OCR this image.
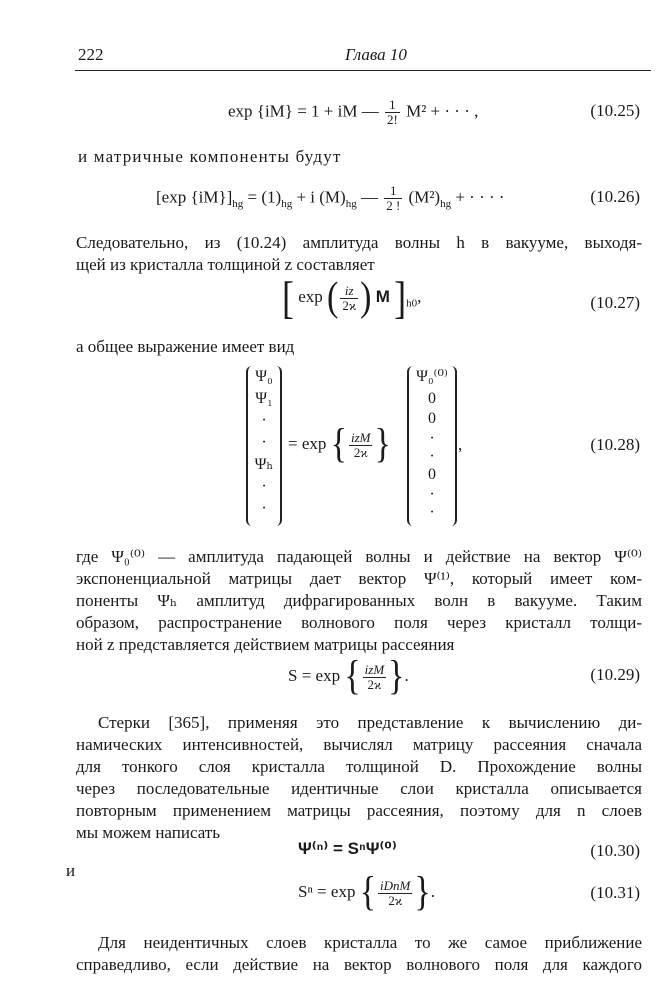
222	Глава 10
exp {iM} = 1 + iM — $\frac{1}{2!} M^2$ + · · · ,	(10.25)
и матричные компоненты будут
[exp $\{iM\}]_{hg} = (1)_{hg} + i$ $(M)_{hg}$ — $\frac{1}{2 !} (M^2)_{hg}$ + · · · ·	(10.26)
Следовательно, из (10.24) амплитуда волны h в вакууме, выходя-
щей из кристалла толщиной z составляет
[ exp ( $\frac{iz}{2ϰ}$ ) M ]$_{h0}$,	(10.27)
а общее выражение имеет вид
Ψ₀
Ψ₁
·
·
Ψₕ
·
·
= exp { $\frac{\text{izM}}{2ϰ}$ }
Ψ₀⁽⁰⁾
0
0
·
·
0
·
·
,	(10.28)
где Ψ₀⁽⁰⁾ — амплитуда падающей волны и действие на вектор Ψ⁽⁰⁾
экспоненциальной матрицы дает вектор Ψ⁽¹⁾, который имеет ком-
поненты Ψₕ амплитуд дифрагированных волн в вакууме. Таким
образом, распространение волнового поля через кристалл толщи-
ной z представляется действием матрицы рассеяния
S = exp { $\frac{\text{izM}}{2ϰ}$ }.	(10.29)
Стерки [365], применяя это представление к вычислению ди-
намических интенсивностей, вычислял матрицу рассеяния сначала
для тонкого слоя кристалла толщиной D. Прохождение волны
через последовательные идентичные слои кристалла описывается
повторным применением матрицы рассеяния, поэтому для n слоев
мы можем написать
Ψ⁽ⁿ⁾ = SⁿΨ⁽⁰⁾	(10.30)
и
Sⁿ = exp { $\frac{\text{iDnM}}{2ϰ}$ }.	(10.31)
Для неидентичных слоев кристалла то же самое приближение
справедливо, если действие на вектор волнового поля для каждого
